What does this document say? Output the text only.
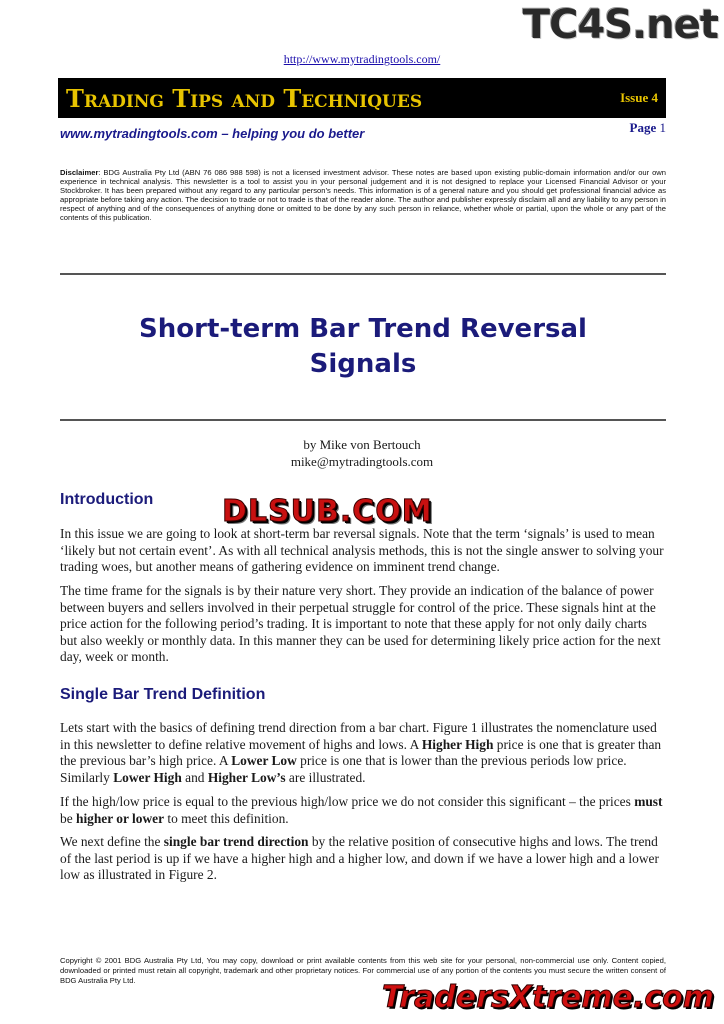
TC4S.net
http://www.mytradingtools.com/
Trading Tips and Techniques	Issue 4
www.mytradingtools.com – helping you do better	Page 1
Disclaimer: BDG Australia Pty Ltd (ABN 76 086 988 598) is not a licensed investment advisor. These notes are based upon existing public-domain information and/or our own experience in technical analysis. This newsletter is a tool to assist you in your personal judgement and it is not designed to replace your Licensed Financial Advisor or your Stockbroker. It has been prepared without any regard to any particular person’s needs. This information is of a general nature and you should get professional financial advice as appropriate before taking any action. The decision to trade or not to trade is that of the reader alone. The author and publisher expressly disclaim all and any liability to any person in respect of anything and of the consequences of anything done or omitted to be done by any such person in reliance, whether whole or partial, upon the whole or any part of the contents of this publication.
Short-term Bar Trend Reversal
Signals
by Mike von Bertouch
mike@mytradingtools.com
Introduction
In this issue we are going to look at short-term bar reversal signals. Note that the term ‘signals’ is used to mean ‘likely but not certain event’. As with all technical analysis methods, this is not the single answer to solving your trading woes, but another means of gathering evidence on imminent trend change.
The time frame for the signals is by their nature very short. They provide an indication of the balance of power between buyers and sellers involved in their perpetual struggle for control of the price. These signals hint at the price action for the following period’s trading. It is important to note that these apply for not only daily charts but also weekly or monthly data. In this manner they can be used for determining likely price action for the next day, week or month.
DLSUB.COM
Single Bar Trend Definition
Lets start with the basics of defining trend direction from a bar chart. Figure 1 illustrates the nomenclature used in this newsletter to define relative movement of highs and lows. A Higher High price is one that is greater than the previous bar’s high price. A Lower Low price is one that is lower than the previous periods low price. Similarly Lower High and Higher Low’s are illustrated.
If the high/low price is equal to the previous high/low price we do not consider this significant – the prices must be higher or lower to meet this definition.
We next define the single bar trend direction by the relative position of consecutive highs and lows. The trend of the last period is up if we have a higher high and a higher low, and down if we have a lower high and a lower low as illustrated in Figure 2.
Copyright © 2001 BDG Australia Pty Ltd, You may copy, download or print available contents from this web site for your personal, non-commercial use only. Content copied, downloaded or printed must retain all copyright, trademark and other proprietary notices. For commercial use of any portion of the contents you must secure the written consent of BDG Australia Pty Ltd.	TradersXtreme.com
